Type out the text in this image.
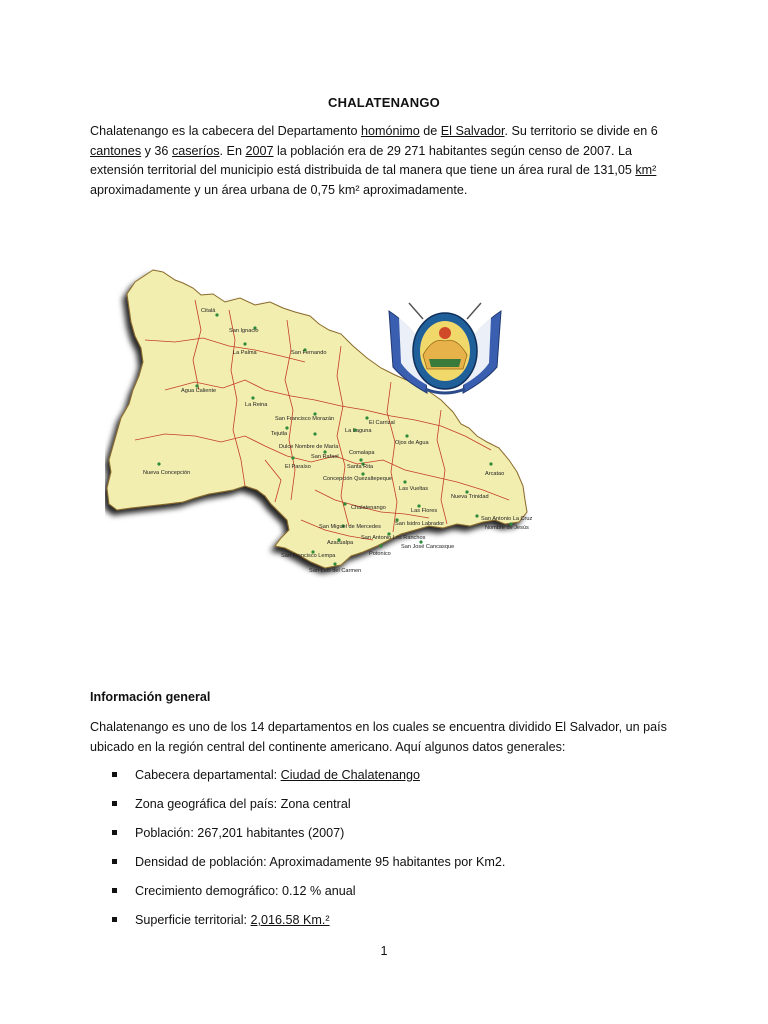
CHALATENANGO
Chalatenango es la cabecera del Departamento homónimo de El Salvador. Su territorio se divide en 6 cantones y 36 caseríos. En 2007 la población era de 29 271 habitantes según censo de 2007. La extensión territorial del municipio está distribuida de tal manera que tiene un área rural de 131,05 km² aproximadamente y un área urbana de 0,75 km² aproximadamente.
Citalá
San Ignacio
La Palma	San Fernando
Agua Caliente
La Reina
San Francisco Morazán
Tejutla
Dulce Nombre de María
El Paraíso
San Rafael
El Carrizal
La Laguna
Ojos de Agua
Comalapa
Santa Rita
Concepción Quezaltepeque
Nueva Concepción
Chalatenango
Las Vueltas
Arcatao
Nueva Trinidad
San Antonio La Cruz
Nombre de Jesús
Las Flores
San Isidro Labrador
San Miguel de Mercedes
San Antonio Los Ranchos
Azacualpa
San José Cancasque
Potonico
San Francisco Lempa
San Luis del Carmen
Información general
Chalatenango es uno de los 14 departamentos en los cuales se encuentra dividido El Salvador, un país ubicado en la región central del continente americano. Aquí algunos datos generales:
Cabecera departamental: Ciudad de Chalatenango
Zona geográfica del país: Zona central
Población: 267,201 habitantes (2007)
Densidad de población: Aproximadamente 95 habitantes por Km2.
Crecimiento demográfico: 0.12 % anual
Superficie territorial: 2,016.58 Km.²
1
